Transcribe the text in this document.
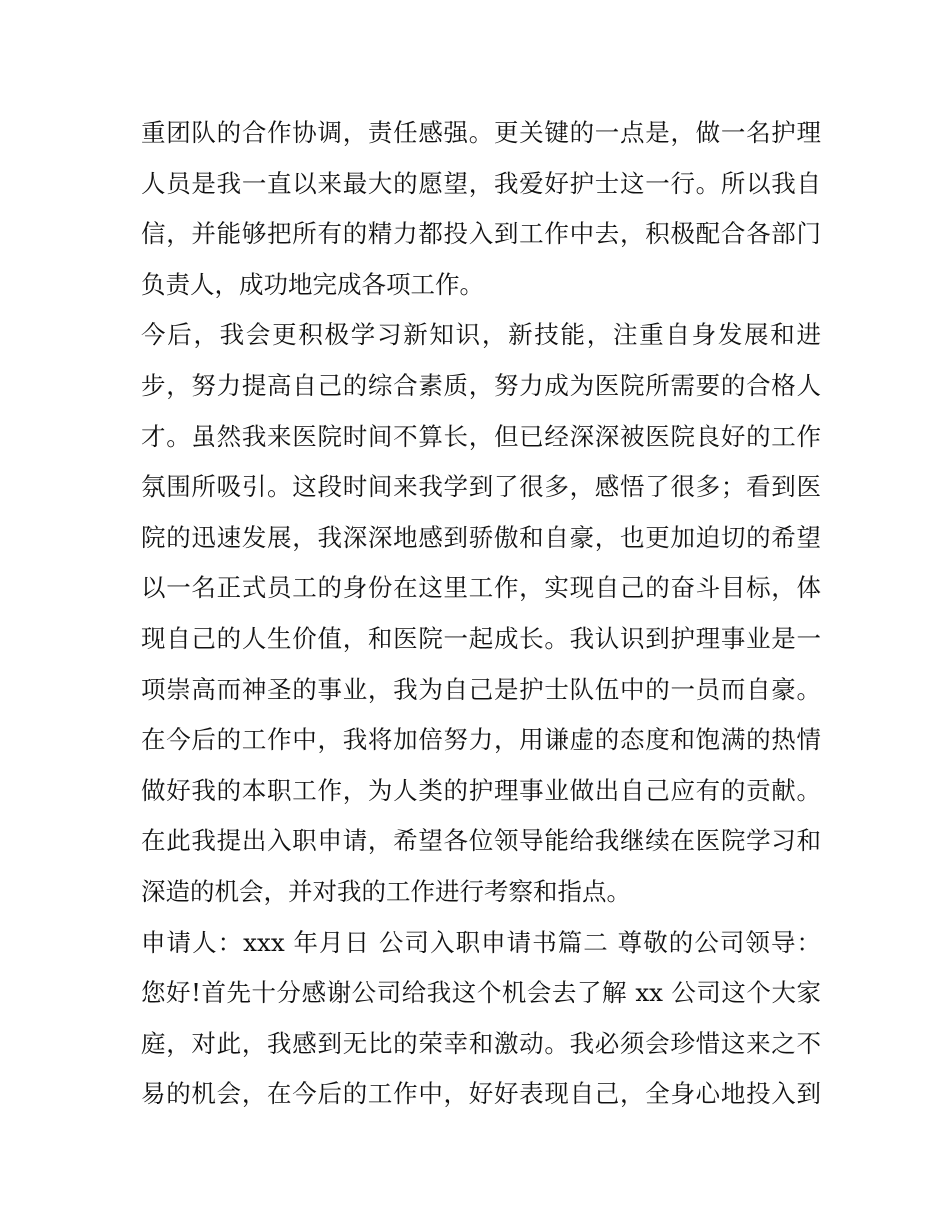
重团队的合作协调，责任感强。更关键的一点是，做一名护理
人员是我一直以来最大的愿望，我爱好护士这一行。所以我自
信，并能够把所有的精力都投入到工作中去，积极配合各部门
负责人，成功地完成各项工作。
今后，我会更积极学习新知识，新技能，注重自身发展和进
步，努力提高自己的综合素质，努力成为医院所需要的合格人
才。虽然我来医院时间不算长，但已经深深被医院良好的工作
氛围所吸引。这段时间来我学到了很多，感悟了很多；看到医
院的迅速发展，我深深地感到骄傲和自豪，也更加迫切的希望
以一名正式员工的身份在这里工作，实现自己的奋斗目标，体
现自己的人生价值，和医院一起成长。我认识到护理事业是一
项崇高而神圣的事业，我为自己是护士队伍中的一员而自豪。
在今后的工作中，我将加倍努力，用谦虚的态度和饱满的热情
做好我的本职工作，为人类的护理事业做出自己应有的贡献。
在此我提出入职申请，希望各位领导能给我继续在医院学习和
深造的机会，并对我的工作进行考察和指点。
申请人：xxx 年月日 公司入职申请书篇二 尊敬的公司领导：
您好!首先十分感谢公司给我这个机会去了解 xx 公司这个大家
庭，对此，我感到无比的荣幸和激动。我必须会珍惜这来之不
易的机会，在今后的工作中，好好表现自己，全身心地投入到
